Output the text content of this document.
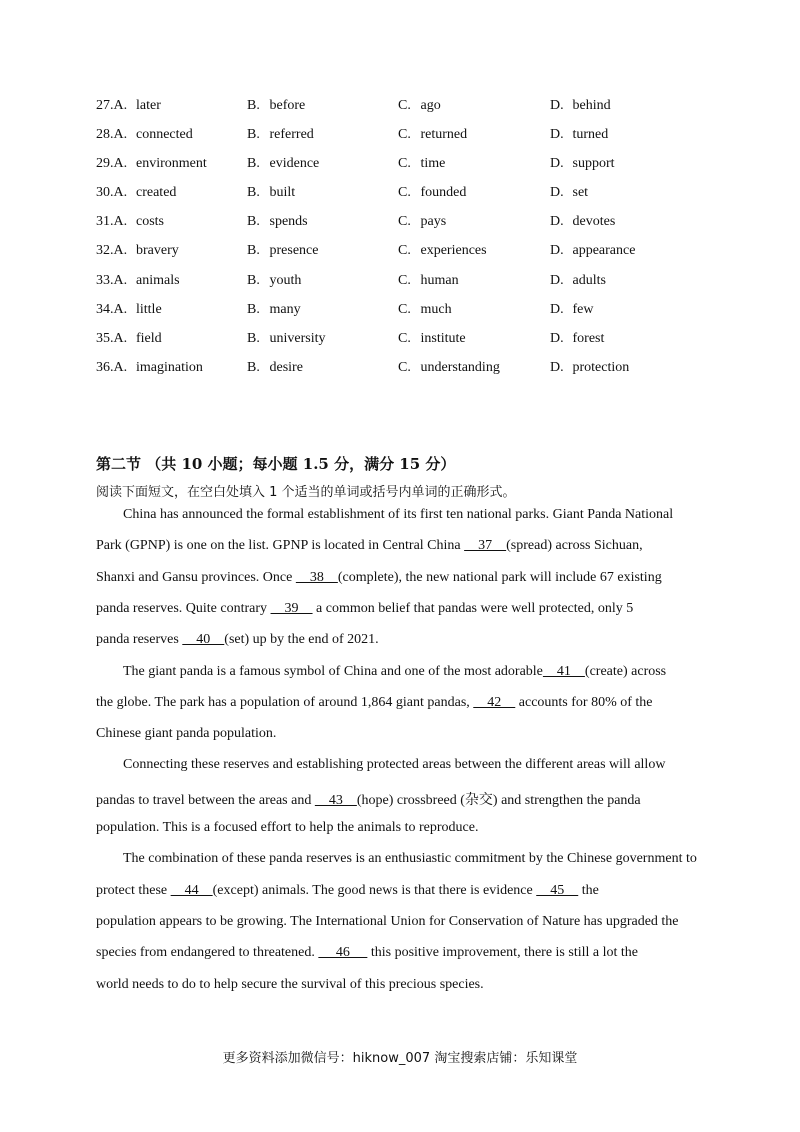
27.A. later	B. before	C. ago	D. behind
28.A. connected	B. referred	C. returned	D. turned
29.A. environment	B. evidence	C. time	D. support
30.A. created	B. built	C. founded	D. set
31.A. costs	B. spends	C. pays	D. devotes
32.A. bravery	B. presence	C. experiences	D. appearance
33.A. animals	B. youth	C. human	D. adults
34.A. little	B. many	C. much	D. few
35.A. field	B. university	C. institute	D. forest
36.A. imagination	B. desire	C. understanding	D. protection
第二节 （共 10 小题；每小题 1.5 分，满分 15 分）
阅读下面短文，在空白处填入 1 个适当的单词或括号内单词的正确形式。
China has announced the formal establishment of its first ten national parks. Giant Panda National
Park (GPNP) is one on the list. GPNP is located in Central China     37    (spread) across Sichuan,
Shanxi and Gansu provinces. Once     38    (complete), the new national park will include 67 existing
panda reserves. Quite contrary     39     a common belief that pandas were well protected, only 5
panda reserves     40    (set) up by the end of 2021.
The giant panda is a famous symbol of China and one of the most adorable    41    (create) across
the globe. The park has a population of around 1,864 giant pandas,     42     accounts for 80% of the
Chinese giant panda population.
Connecting these reserves and establishing protected areas between the different areas will allow
pandas to travel between the areas and     43    (hope) crossbreed (杂交) and strengthen the panda
population. This is a focused effort to help the animals to reproduce.
The combination of these panda reserves is an enthusiastic commitment by the Chinese government to
protect these     44    (except) animals. The good news is that there is evidence     45     the
population appears to be growing. The International Union for Conservation of Nature has upgraded the
species from endangered to threatened.      46      this positive improvement, there is still a lot the
world needs to do to help secure the survival of this precious species.
更多资料添加微信号：hiknow_007 淘宝搜索店铺：乐知课堂
